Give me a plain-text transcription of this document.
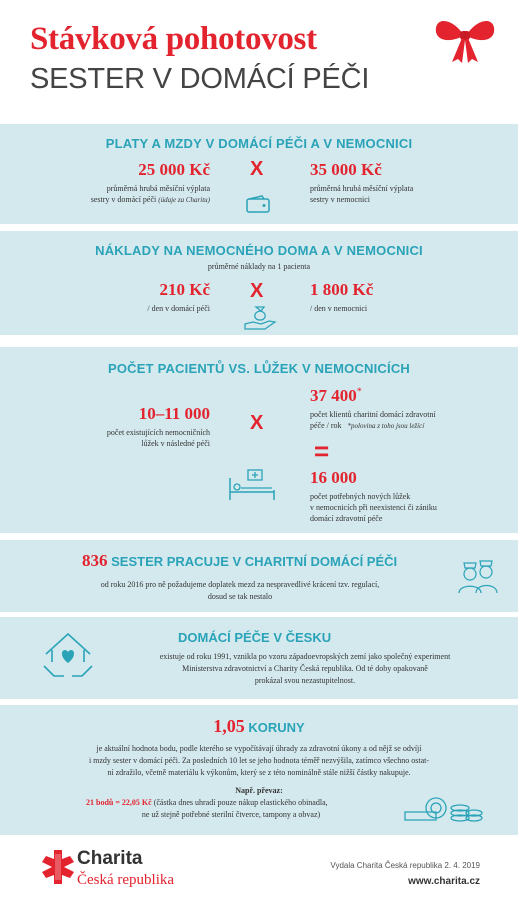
Stávková pohotovost
SESTER V DOMÁCÍ PÉČI
PLATY A MZDY V DOMÁCÍ PÉČI A V NEMOCNICI
25 000 Kč
průměrná hrubá měsíční výplata
sestry v domácí péči (údaje za Charitu)
X	35 000 Kč
průměrná hrubá měsíční výplata
sestry v nemocnici
NÁKLADY NA NEMOCNÉHO DOMA A V NEMOCNICI
průměrné náklady na 1 pacienta
210 Kč
/ den v domácí péči
X	1 800 Kč
/ den v nemocnici
POČET PACIENTŮ VS. LŮŽEK V NEMOCNICÍCH
10–11 000
počet existujících nemocničních
lůžek v následné péči
X
37 400*
počet klientů charitní domácí zdravotní
péče / rok *polovina z toho jsou ležící
=
16 000
počet potřebných nových lůžek
v nemocnicích při neexistenci či zániku
domácí zdravotní péče
836 SESTER PRACUJE V CHARITNÍ DOMÁCÍ PÉČI
od roku 2016 pro ně požadujeme doplatek mezd za nespravedlivé krácení tzv. regulací,
dosud se tak nestalo
DOMÁCÍ PÉČE V ČESKU
existuje od roku 1991, vznikla po vzoru západoevropských zemí jako společný experiment
Ministerstva zdravotnictví a Charity Česká republika. Od té doby opakovaně
prokázal svou nezastupitelnost.
1,05 KORUNY
je aktuální hodnota bodu, podle kterého se vypočítávají úhrady za zdravotní úkony a od nějž se odvíjí
i mzdy sester v domácí péči. Za posledních 10 let se jeho hodnota téměř nezvýšila, zatímco všechno ostat-
ní zdražilo, včetně materiálu k výkonům, který se z této nominálně stále nižší částky nakupuje.
Např. převaz:
21 bodů = 22,05 Kč (částka dnes uhradí pouze nákup elastického obinadla,
ne už stejně potřebné sterilní čtverce, tampony a obvaz)
Charita
Česká republika
Vydala Charita Česká republika 2. 4. 2019
www.charita.cz
